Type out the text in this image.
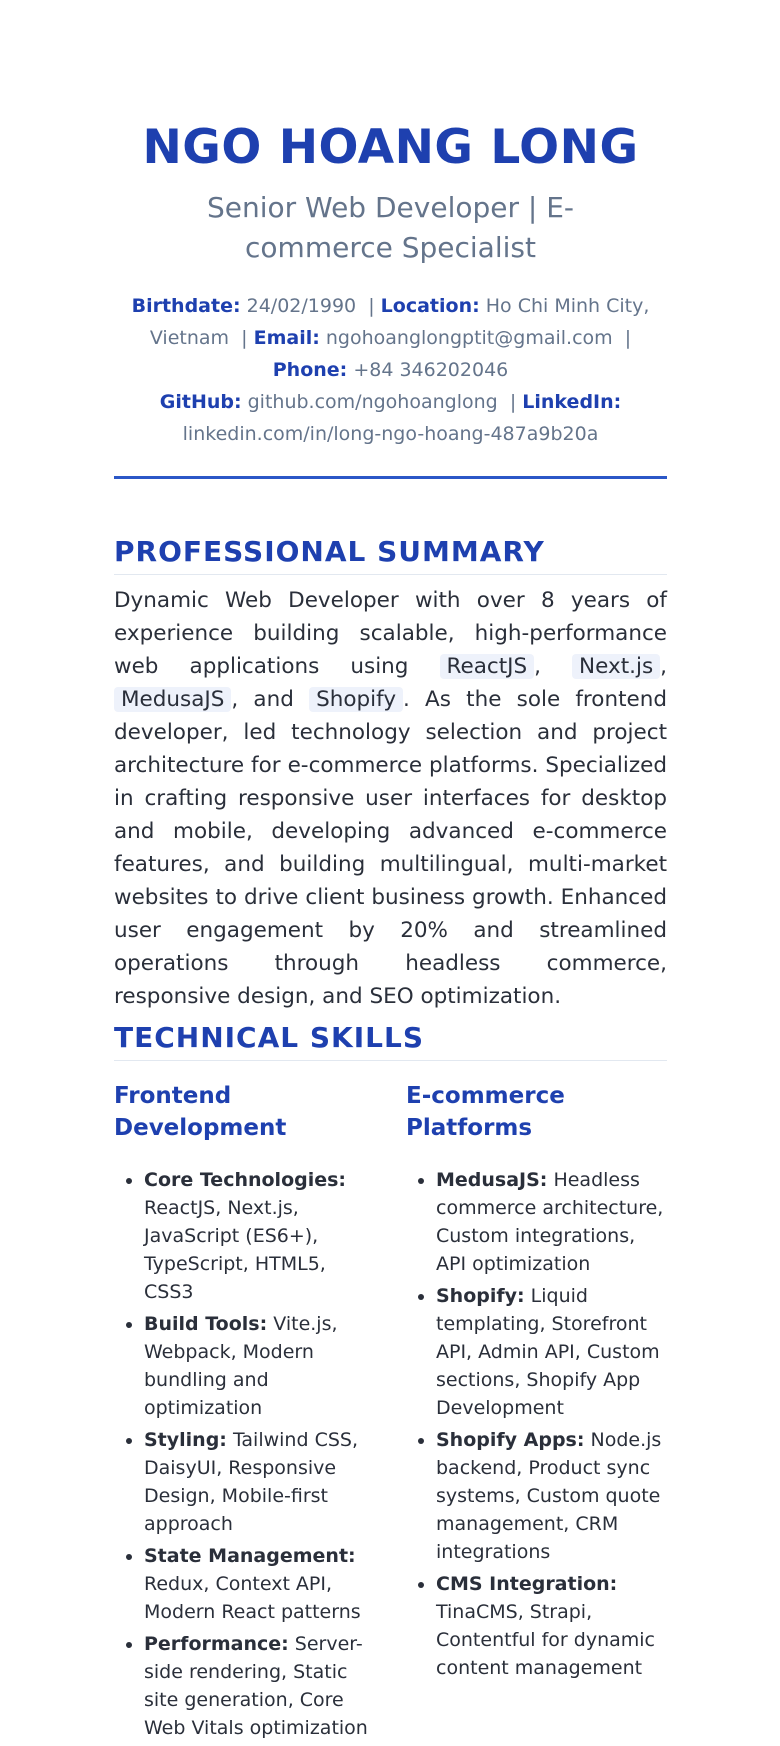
NGO HOANG LONG
Senior Web Developer | E-commerce Specialist
Birthdate: 24/02/1990 | Location: Ho Chi Minh City, Vietnam | Email: ngohoanglongptit@gmail.com | Phone: +84 346202046
GitHub: github.com/ngohoanglong | LinkedIn: linkedin.com/in/long-ngo-hoang-487a9b20a
PROFESSIONAL SUMMARY
Dynamic Web Developer with over 8 years of experience building scalable, high-performance web applications using ReactJS , Next.js , MedusaJS , and Shopify . As the sole frontend developer, led technology selection and project architecture for e-commerce platforms. Specialized in crafting responsive user interfaces for desktop and mobile, developing advanced e-commerce features, and building multilingual, multi-market websites to drive client business growth. Enhanced user engagement by 20% and streamlined operations through headless commerce, responsive design, and SEO optimization.
TECHNICAL SKILLS
Frontend Development
• Core Technologies: ReactJS, Next.js, JavaScript (ES6+), TypeScript, HTML5, CSS3
• Build Tools: Vite.js, Webpack, Modern bundling and optimization
• Styling: Tailwind CSS, DaisyUI, Responsive Design, Mobile-first approach
• State Management: Redux, Context API, Modern React patterns
• Performance: Server-side rendering, Static site generation, Core Web Vitals optimization
E-commerce Platforms
• MedusaJS: Headless commerce architecture, Custom integrations, API optimization
• Shopify: Liquid templating, Storefront API, Admin API, Custom sections, Shopify App Development
• Shopify Apps: Node.js backend, Product sync systems, Custom quote management, CRM integrations
• CMS Integration: TinaCMS, Strapi, Contentful for dynamic content management
